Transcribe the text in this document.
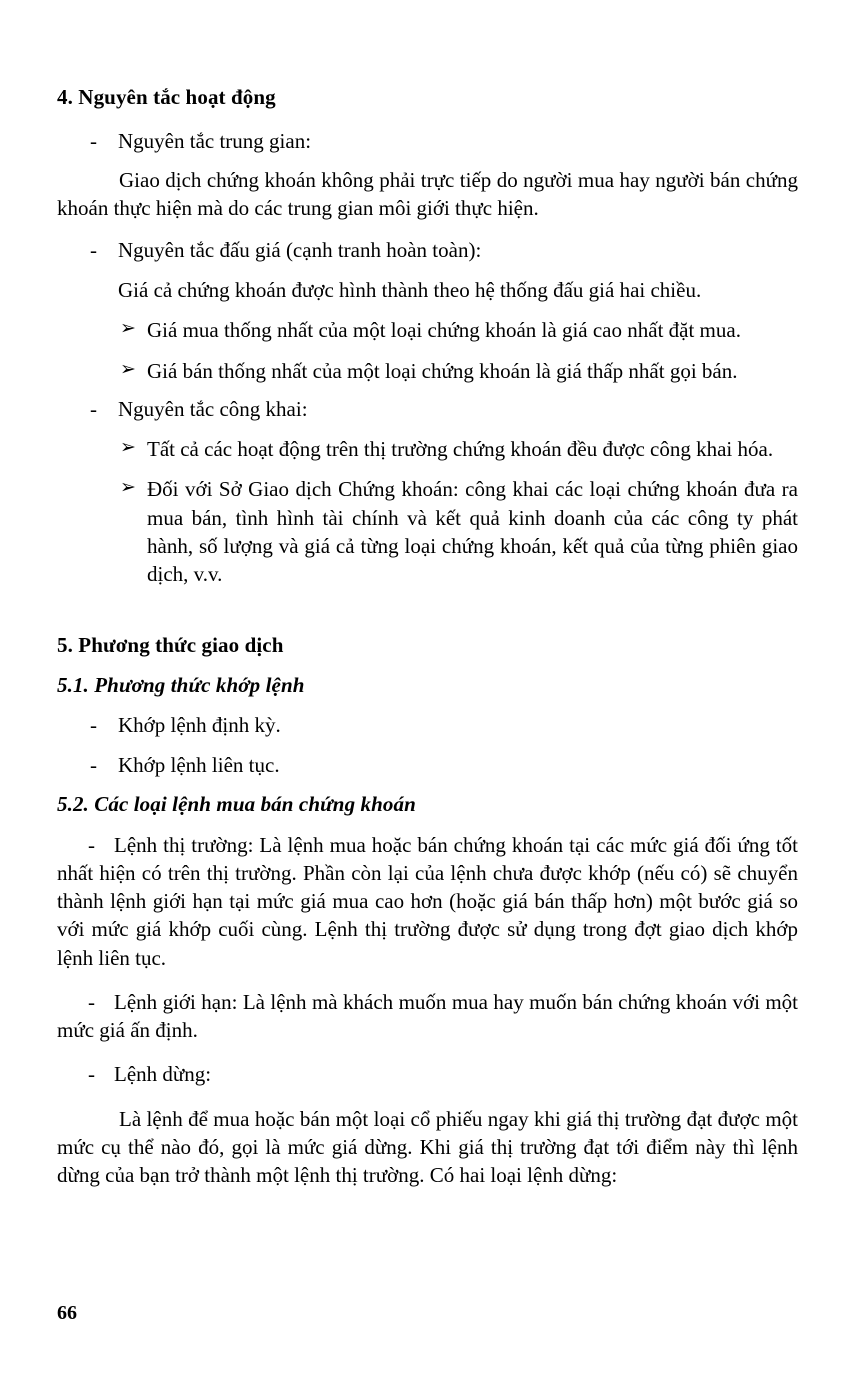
4. Nguyên tắc hoạt động
- Nguyên tắc trung gian:

Giao dịch chứng khoán không phải trực tiếp do người mua hay người bán chứng khoán thực hiện mà do các trung gian môi giới thực hiện.

- Nguyên tắc đấu giá (cạnh tranh hoàn toàn):

Giá cả chứng khoán được hình thành theo hệ thống đấu giá hai chiều.

➢ Giá mua thống nhất của một loại chứng khoán là giá cao nhất đặt mua.
➢ Giá bán thống nhất của một loại chứng khoán là giá thấp nhất gọi bán.
- Nguyên tắc công khai:
➢ Tất cả các hoạt động trên thị trường chứng khoán đều được công khai hóa.
➢ Đối với Sở Giao dịch Chứng khoán: công khai các loại chứng khoán đưa ra mua bán, tình hình tài chính và kết quả kinh doanh của các công ty phát hành, số lượng và giá cả từng loại chứng khoán, kết quả của từng phiên giao dịch, v.v.
5. Phương thức giao dịch
5.1. Phương thức khớp lệnh
- Khớp lệnh định kỳ.
- Khớp lệnh liên tục.
5.2. Các loại lệnh mua bán chứng khoán

- Lệnh thị trường: Là lệnh mua hoặc bán chứng khoán tại các mức giá đối ứng tốt nhất hiện có trên thị trường. Phần còn lại của lệnh chưa được khớp (nếu có) sẽ chuyển thành lệnh giới hạn tại mức giá mua cao hơn (hoặc giá bán thấp hơn) một bước giá so với mức giá khớp cuối cùng. Lệnh thị trường được sử dụng trong đợt giao dịch khớp lệnh liên tục.

- Lệnh giới hạn: Là lệnh mà khách muốn mua hay muốn bán chứng khoán với một mức giá ấn định.

- Lệnh dừng:

Là lệnh để mua hoặc bán một loại cổ phiếu ngay khi giá thị trường đạt được một mức cụ thể nào đó, gọi là mức giá dừng. Khi giá thị trường đạt tới điểm này thì lệnh dừng của bạn trở thành một lệnh thị trường. Có hai loại lệnh dừng:

66
